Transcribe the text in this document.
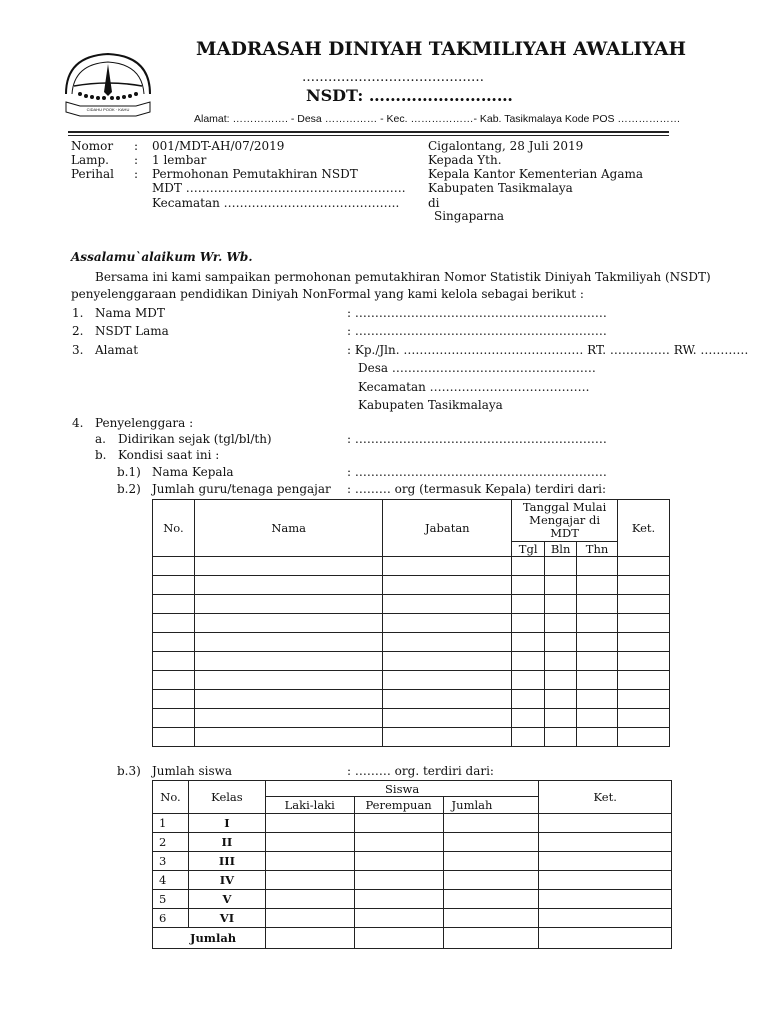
CIDAHU POOK · KAHU
MADRASAH DINIYAH TAKMILIYAH AWALIYAH
……………………………………
NSDT: ………………………
Alamat: ……………. - Desa …………… - Kec. ………………- Kab. Tasikmalaya Kode POS ………………
Nomor : 001/MDT-AH/07/2019
Lamp. : 1 lembar
Perihal : Permohonan Pemutakhiran NSDT
MDT ……………………………………………….
Kecamatan ……………………………………..
Cigalontang, 28 Juli 2019
Kepada Yth.
Kepala Kantor Kementerian Agama
Kabupaten Tasikmalaya
di
Singaparna
Assalamu`alaikum Wr. Wb.
Bersama ini kami sampaikan permohonan pemutakhiran Nomor Statistik Diniyah Takmiliyah (NSDT)
penyelenggaraan pendidikan Diniyah NonFormal yang kami kelola sebagai berikut :
1. Nama MDT	: ………………………………………………………
2. NSDT Lama	: ………………………………………………………
3. Alamat	: Kp./Jln. ……………………………………… RT. …………… RW. …………
Desa ……………………………………………
Kecamatan ………………………………….
Kabupaten Tasikmalaya
4. Penyelenggara :
a. Didirikan sejak (tgl/bl/th)	: ………………………………………………………
b. Kondisi saat ini :
b.1) Nama Kepala	: ………………………………………………………
b.2) Jumlah guru/tenaga pengajar : ……… org (termasuk Kepala) terdiri dari:
No.	Nama	Jabatan	Tanggal Mulai Mengajar di MDT			Ket.
			Tgl	Bln	Thn	

b.3) Jumlah siswa	: ……… org. terdiri dari:
No.	Kelas	Siswa			Ket.
		Laki-laki	Perempuan	Jumlah	
1	I				
2	II				
3	III				
4	IV				
5	V				
6	VI				
Jumlah					
